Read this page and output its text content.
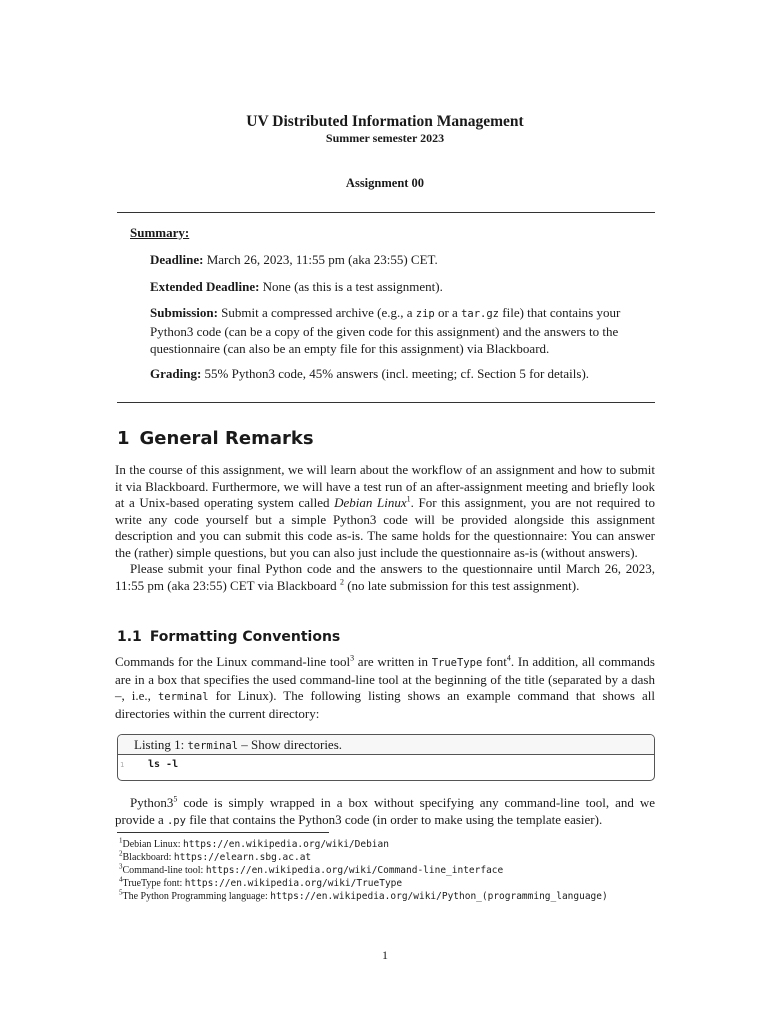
UV Distributed Information Management
Summer semester 2023
Assignment 00
Summary:
Deadline: March 26, 2023, 11:55 pm (aka 23:55) CET.
Extended Deadline: None (as this is a test assignment).
Submission: Submit a compressed archive (e.g., a zip or a tar.gz file) that contains your Python3 code (can be a copy of the given code for this assignment) and the answers to the questionnaire (can also be an empty file for this assignment) via Blackboard.
Grading: 55% Python3 code, 45% answers (incl. meeting; cf. Section 5 for details).
1 General Remarks

In the course of this assignment, we will learn about the workflow of an assignment and how to submit it via Blackboard. Furthermore, we will have a test run of an after-assignment meeting and briefly look at a Unix-based operating system called Debian Linux$^1$. For this assignment, you are not required to write any code yourself but a simple Python3 code will be provided alongside this assignment description and you can submit this code as-is. The same holds for the questionnaire: You can answer the (rather) simple questions, but you can also just include the questionnaire as-is (without answers).

Please submit your final Python code and the answers to the questionnaire until March 26, 2023, 11:55 pm (aka 23:55) CET via Blackboard $^2$ (no late submission for this test assignment).

1.1 Formatting Conventions

Commands for the Linux command-line tool$^3$ are written in TrueType font$^4$. In addition, all commands are in a box that specifies the used command-line tool at the beginning of the title (separated by a dash –, i.e., terminal for Linux). The following listing shows an example command that shows all directories within the current directory:

Listing 1: terminal – Show directories.
1 ls -l

$Python3^5$ code is simply wrapped in a box without specifying any command-line tool, and we provide a .py file that contains the Python3 code (in order to make using the template easier).

$^1$Debian Linux: https://en.wikipedia.org/wiki/Debian
$^2$Blackboard: https://elearn.sbg.ac.at
$^3$Command-line tool: https://en.wikipedia.org/wiki/Command-line_interface
$^4$TrueType font: https://en.wikipedia.org/wiki/TrueType
$^5$The Python Programming language: https://en.wikipedia.org/wiki/Python_(programming_language)
1
